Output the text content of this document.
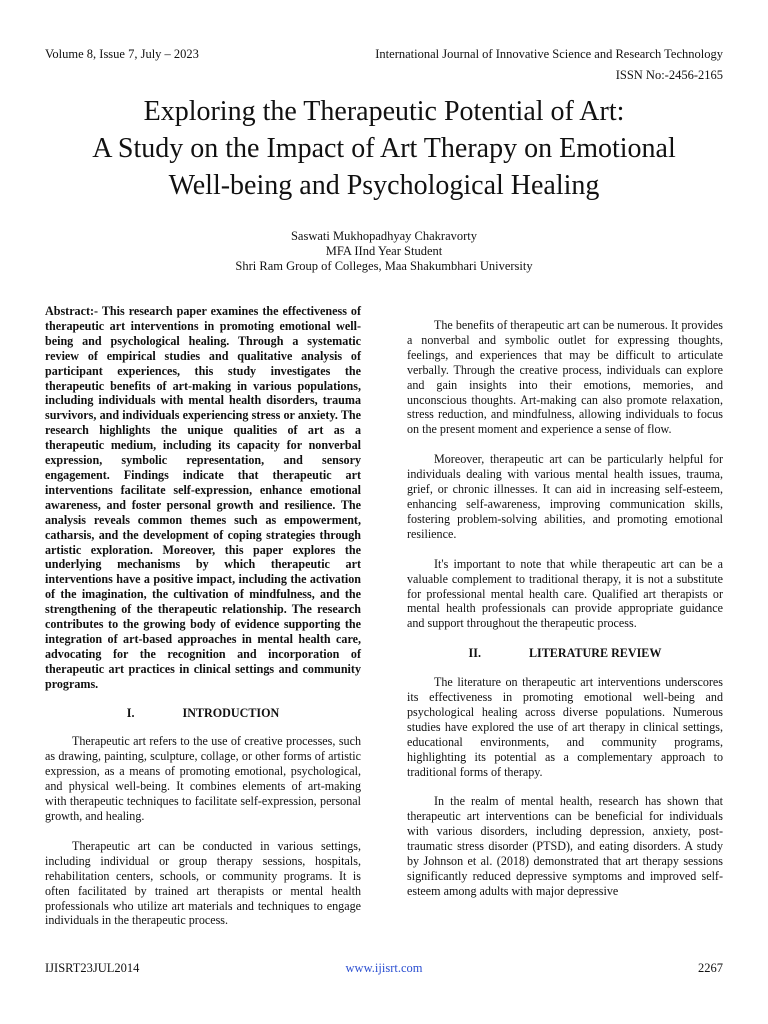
Volume 8, Issue 7, July – 2023	International Journal of Innovative Science and Research Technology
ISSN No:-2456-2165
Exploring the Therapeutic Potential of Art:
A Study on the Impact of Art Therapy on Emotional
Well-being and Psychological Healing
Saswati Mukhopadhyay Chakravorty
MFA IInd Year Student
Shri Ram Group of Colleges, Maa Shakumbhari University

Abstract:- This research paper examines the effectiveness of therapeutic art interventions in promoting emotional well-being and psychological healing. Through a systematic review of empirical studies and qualitative analysis of participant experiences, this study investigates the therapeutic benefits of art-making in various populations, including individuals with mental health disorders, trauma survivors, and individuals experiencing stress or anxiety. The research highlights the unique qualities of art as a therapeutic medium, including its capacity for nonverbal expression, symbolic representation, and sensory engagement. Findings indicate that therapeutic art interventions facilitate self-expression, enhance emotional awareness, and foster personal growth and resilience. The analysis reveals common themes such as empowerment, catharsis, and the development of coping strategies through artistic exploration. Moreover, this paper explores the underlying mechanisms by which therapeutic art interventions have a positive impact, including the activation of the imagination, the cultivation of mindfulness, and the strengthening of the therapeutic relationship. The research contributes to the growing body of evidence supporting the integration of art-based approaches in mental health care, advocating for the recognition and incorporation of therapeutic art practices in clinical settings and community programs.

I.	INTRODUCTION

Therapeutic art refers to the use of creative processes, such as drawing, painting, sculpture, collage, or other forms of artistic expression, as a means of promoting emotional, psychological, and physical well-being. It combines elements of art-making with therapeutic techniques to facilitate self-expression, personal growth, and healing.

Therapeutic art can be conducted in various settings, including individual or group therapy sessions, hospitals, rehabilitation centers, schools, or community programs. It is often facilitated by trained art therapists or mental health professionals who utilize art materials and techniques to engage individuals in the therapeutic process.

The benefits of therapeutic art can be numerous. It provides a nonverbal and symbolic outlet for expressing thoughts, feelings, and experiences that may be difficult to articulate verbally. Through the creative process, individuals can explore and gain insights into their emotions, memories, and unconscious thoughts. Art-making can also promote relaxation, stress reduction, and mindfulness, allowing individuals to focus on the present moment and experience a sense of flow.

Moreover, therapeutic art can be particularly helpful for individuals dealing with various mental health issues, trauma, grief, or chronic illnesses. It can aid in increasing self-esteem, enhancing self-awareness, improving communication skills, fostering problem-solving abilities, and promoting emotional resilience.

It's important to note that while therapeutic art can be a valuable complement to traditional therapy, it is not a substitute for professional mental health care. Qualified art therapists or mental health professionals can provide appropriate guidance and support throughout the therapeutic process.

II.	LITERATURE REVIEW

The literature on therapeutic art interventions underscores its effectiveness in promoting emotional well-being and psychological healing across diverse populations. Numerous studies have explored the use of art therapy in clinical settings, educational environments, and community programs, highlighting its potential as a complementary approach to traditional forms of therapy.

In the realm of mental health, research has shown that therapeutic art interventions can be beneficial for individuals with various disorders, including depression, anxiety, post-traumatic stress disorder (PTSD), and eating disorders. A study by Johnson et al. (2018) demonstrated that art therapy sessions significantly reduced depressive symptoms and improved self-esteem among adults with major depressive

IJISRT23JUL2014	www.ijisrt.com	2267
